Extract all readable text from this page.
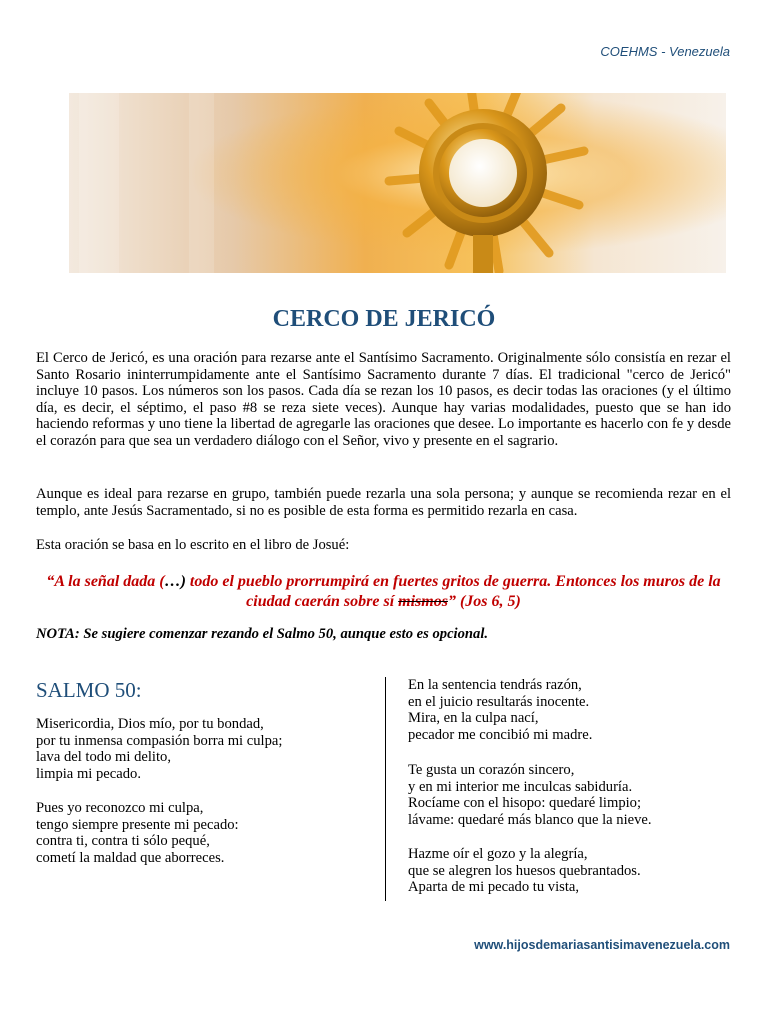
COEHMS - Venezuela
CERCO DE JERICÓ

El Cerco de Jericó, es una oración para rezarse ante el Santísimo Sacramento. Originalmente sólo consistía en rezar el Santo Rosario ininterrumpidamente ante el Santísimo Sacramento durante 7 días. El tradicional "cerco de Jericó" incluye 10 pasos. Los números son los pasos. Cada día se rezan los 10 pasos, es decir todas las oraciones (y el último día, es decir, el séptimo, el paso #8 se reza siete veces). Aunque hay varias modalidades, puesto que se han ido haciendo reformas y uno tiene la libertad de agregarle las oraciones que desee. Lo importante es hacerlo con fe y desde el corazón para que sea un verdadero diálogo con el Señor, vivo y presente en el sagrario.

Aunque es ideal para rezarse en grupo, también puede rezarla una sola persona; y aunque se recomienda rezar en el templo, ante Jesús Sacramentado, si no es posible de esta forma es permitido rezarla en casa.

Esta oración se basa en lo escrito en el libro de Josué:

“A la señal dada (…) todo el pueblo prorrumpirá en fuertes gritos de guerra. Entonces los muros de la ciudad caerán sobre sí mismos” (Jos 6, 5)

NOTA: Se sugiere comenzar rezando el Salmo 50, aunque esto es opcional.

SALMO 50:
Misericordia, Dios mío, por tu bondad,
por tu inmensa compasión borra mi culpa;
lava del todo mi delito,
limpia mi pecado.
Pues yo reconozco mi culpa,
tengo siempre presente mi pecado:
contra ti, contra ti sólo pequé,
cometí la maldad que aborreces.
En la sentencia tendrás razón,
en el juicio resultarás inocente.
Mira, en la culpa nací,
pecador me concibió mi madre.
Te gusta un corazón sincero,
y en mi interior me inculcas sabiduría.
Rocíame con el hisopo: quedaré limpio;
lávame: quedaré más blanco que la nieve.
Hazme oír el gozo y la alegría,
que se alegren los huesos quebrantados.
Aparta de mi pecado tu vista,
www.hijosdemariasantisimavenezuela.com
